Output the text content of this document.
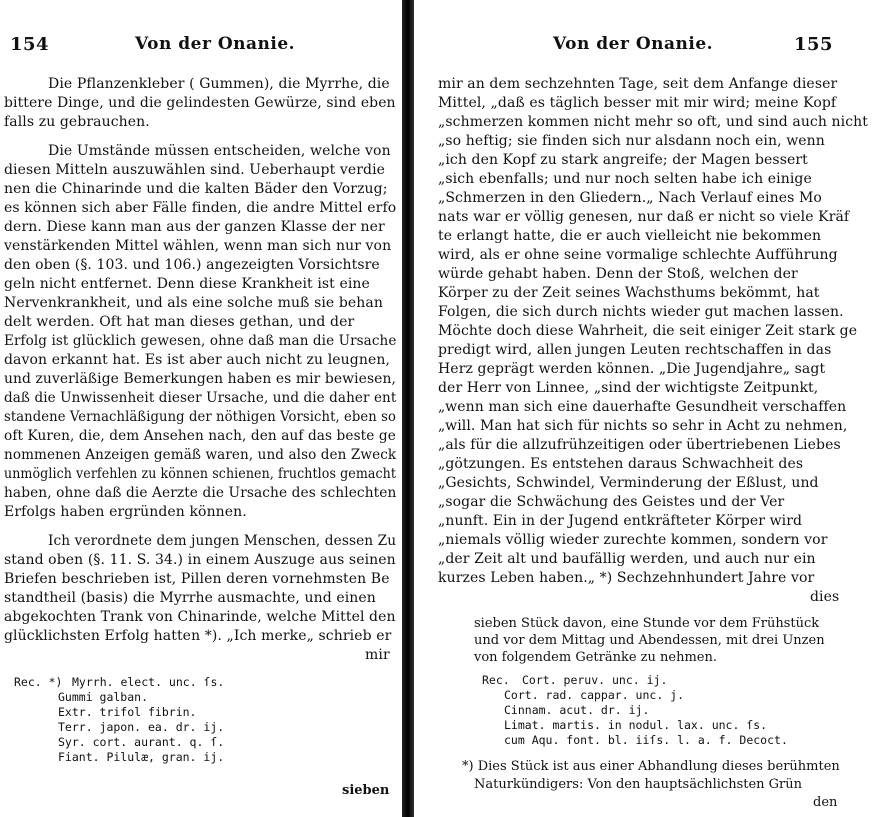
154	Von der Onanie.
Die Pflanzenkleber ( Gummen), die Myrrhe, die
bittere Dinge, und die gelindesten Gewürze, sind eben
falls zu gebrauchen.
Die Umstände müssen entscheiden, welche von
diesen Mitteln auszuwählen sind. Ueberhaupt verdie
nen die Chinarinde und die kalten Bäder den Vorzug;
es können sich aber Fälle finden, die andre Mittel erfo
dern. Diese kann man aus der ganzen Klasse der ner
venstärkenden Mittel wählen, wenn man sich nur von
den oben (§. 103. und 106.) angezeigten Vorsichtsre
geln nicht entfernet. Denn diese Krankheit ist eine
Nervenkrankheit, und als eine solche muß sie behan
delt werden. Oft hat man dieses gethan, und der
Erfolg ist glücklich gewesen, ohne daß man die Ursache
davon erkannt hat. Es ist aber auch nicht zu leugnen,
und zuverläßige Bemerkungen haben es mir bewiesen,
daß die Unwissenheit dieser Ursache, und die daher ent
standene Vernachläßigung der nöthigen Vorsicht, eben so
oft Kuren, die, dem Ansehen nach, den auf das beste ge
nommenen Anzeigen gemäß waren, und also den Zweck
unmöglich verfehlen zu können schienen, fruchtlos gemacht
haben, ohne daß die Aerzte die Ursache des schlechten
Erfolgs haben ergründen können.
Ich verordnete dem jungen Menschen, dessen Zu
stand oben (§. 11. S. 34.) in einem Auszuge aus seinen
Briefen beschrieben ist, Pillen deren vornehmsten Be
standtheil (basis) die Myrrhe ausmachte, und einen
abgekochten Trank von Chinarinde, welche Mittel den
glücklichsten Erfolg hatten *). „Ich merke„ schrieb er
mir
Rec. *) Myrrh. elect. unc. ſs.
Gummi galban.
Extr. trifol fibrin.
Terr. japon. ea. dr. ij.
Syr. cort. aurant. q. ſ.
Fiant. Pilulæ, gran. ij.
sieben
Von der Onanie.	155
mir an dem sechzehnten Tage, seit dem Anfange dieser
Mittel, „daß es täglich besser mit mir wird; meine Kopf
„schmerzen kommen nicht mehr so oft, und sind auch nicht
„so heftig; sie finden sich nur alsdann noch ein, wenn
„ich den Kopf zu stark angreife; der Magen bessert
„sich ebenfalls; und nur noch selten habe ich einige
„Schmerzen in den Gliedern.„ Nach Verlauf eines Mo
nats war er völlig genesen, nur daß er nicht so viele Kräf
te erlangt hatte, die er auch vielleicht nie bekommen
wird, als er ohne seine vormalige schlechte Aufführung
würde gehabt haben. Denn der Stoß, welchen der
Körper zu der Zeit seines Wachsthums bekömmt, hat
Folgen, die sich durch nichts wieder gut machen lassen.
Möchte doch diese Wahrheit, die seit einiger Zeit stark ge
predigt wird, allen jungen Leuten rechtschaffen in das
Herz geprägt werden können. „Die Jugendjahre„ sagt
der Herr von Linnee, „sind der wichtigste Zeitpunkt,
„wenn man sich eine dauerhafte Gesundheit verschaffen
„will. Man hat sich für nichts so sehr in Acht zu nehmen,
„als für die allzufrühzeitigen oder übertriebenen Liebes
„götzungen. Es entstehen daraus Schwachheit des
„Gesichts, Schwindel, Verminderung der Eßlust, und
„sogar die Schwächung des Geistes und der Ver
„nunft. Ein in der Jugend entkräfteter Körper wird
„niemals völlig wieder zurechte kommen, sondern vor
„der Zeit alt und baufällig werden, und auch nur ein
kurzes Leben haben.„ *) Sechzehnhundert Jahre vor
dies
sieben Stück davon, eine Stunde vor dem Frühstück
und vor dem Mittag und Abendessen, mit drei Unzen
von folgendem Getränke zu nehmen.
Rec. Cort. peruv. unc. ij.
Cort. rad. cappar. unc. j.
Cinnam. acut. dr. ij.
Limat. martis. in nodul. lax. unc. ſs.
cum Aqu. font. bl. iiſs. l. a. f. Decoct.
*) Dies Stück ist aus einer Abhandlung dieses berühmten
Naturkündigers: Von den hauptsächlichsten Grün
den
